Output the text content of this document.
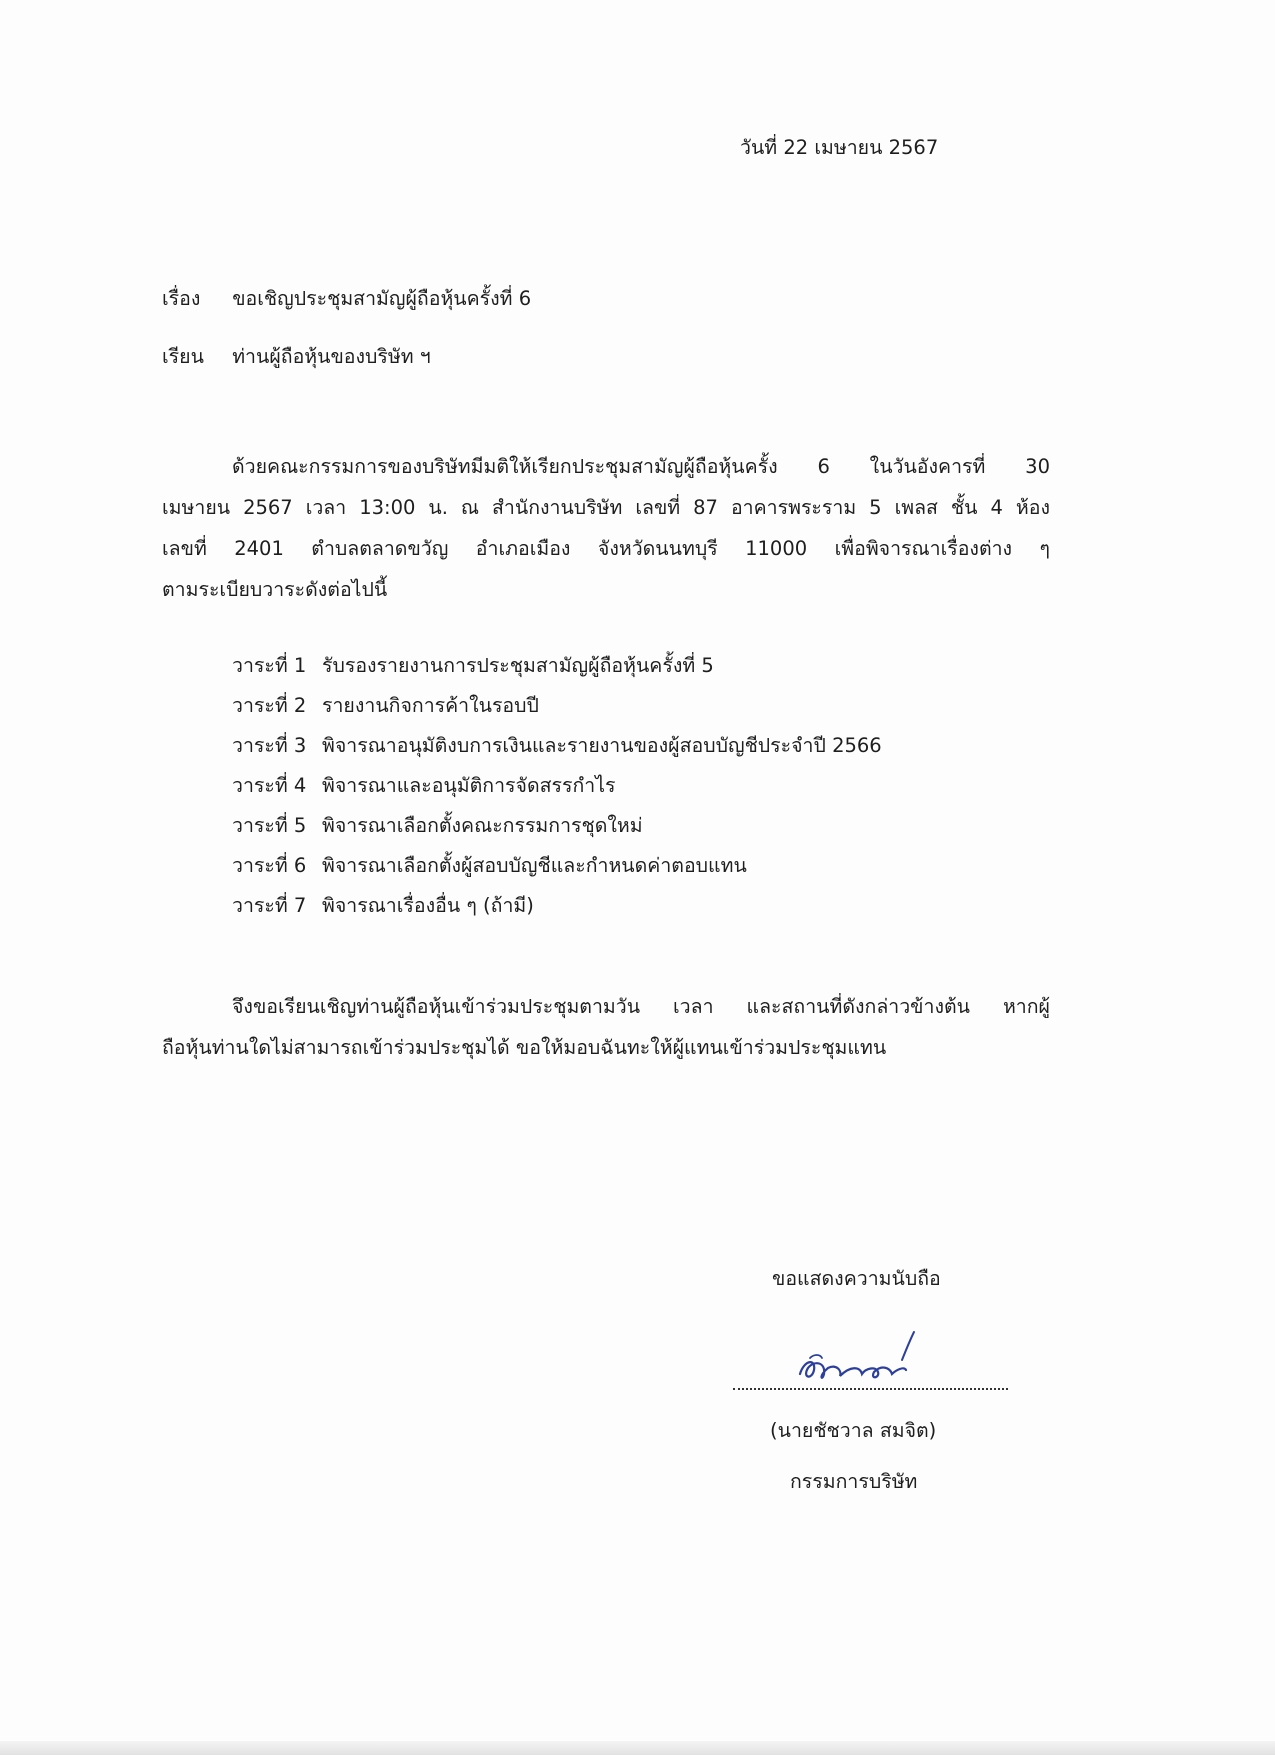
วันที่ 22 เมษายน 2567
เรื่อง ขอเชิญประชุมสามัญผู้ถือหุ้นครั้งที่ 6
เรียน ท่านผู้ถือหุ้นของบริษัท ฯ
ด้วยคณะกรรมการของบริษัทมีมติให้เรียกประชุมสามัญผู้ถือหุ้นครั้ง 6 ในวันอังคารที่ 30
เมษายน 2567 เวลา 13:00 น. ณ สำนักงานบริษัท เลขที่ 87 อาคารพระราม 5 เพลส ชั้น 4 ห้อง
เลขที่ 2401 ตำบลตลาดขวัญ อำเภอเมือง จังหวัดนนทบุรี 11000 เพื่อพิจารณาเรื่องต่าง ๆ
ตามระเบียบวาระดังต่อไปนี้
วาระที่ 1 รับรองรายงานการประชุมสามัญผู้ถือหุ้นครั้งที่ 5
วาระที่ 2 รายงานกิจการค้าในรอบปี
วาระที่ 3 พิจารณาอนุมัติงบการเงินและรายงานของผู้สอบบัญชีประจำปี 2566
วาระที่ 4 พิจารณาและอนุมัติการจัดสรรกำไร
วาระที่ 5 พิจารณาเลือกตั้งคณะกรรมการชุดใหม่
วาระที่ 6 พิจารณาเลือกตั้งผู้สอบบัญชีและกำหนดค่าตอบแทน
วาระที่ 7 พิจารณาเรื่องอื่น ๆ (ถ้ามี)
จึงขอเรียนเชิญท่านผู้ถือหุ้นเข้าร่วมประชุมตามวัน เวลา และสถานที่ดังกล่าวข้างต้น หากผู้
ถือหุ้นท่านใดไม่สามารถเข้าร่วมประชุมได้ ขอให้มอบฉันทะให้ผู้แทนเข้าร่วมประชุมแทน
ขอแสดงความนับถือ
(นายชัชวาล สมจิต)
กรรมการบริษัท
